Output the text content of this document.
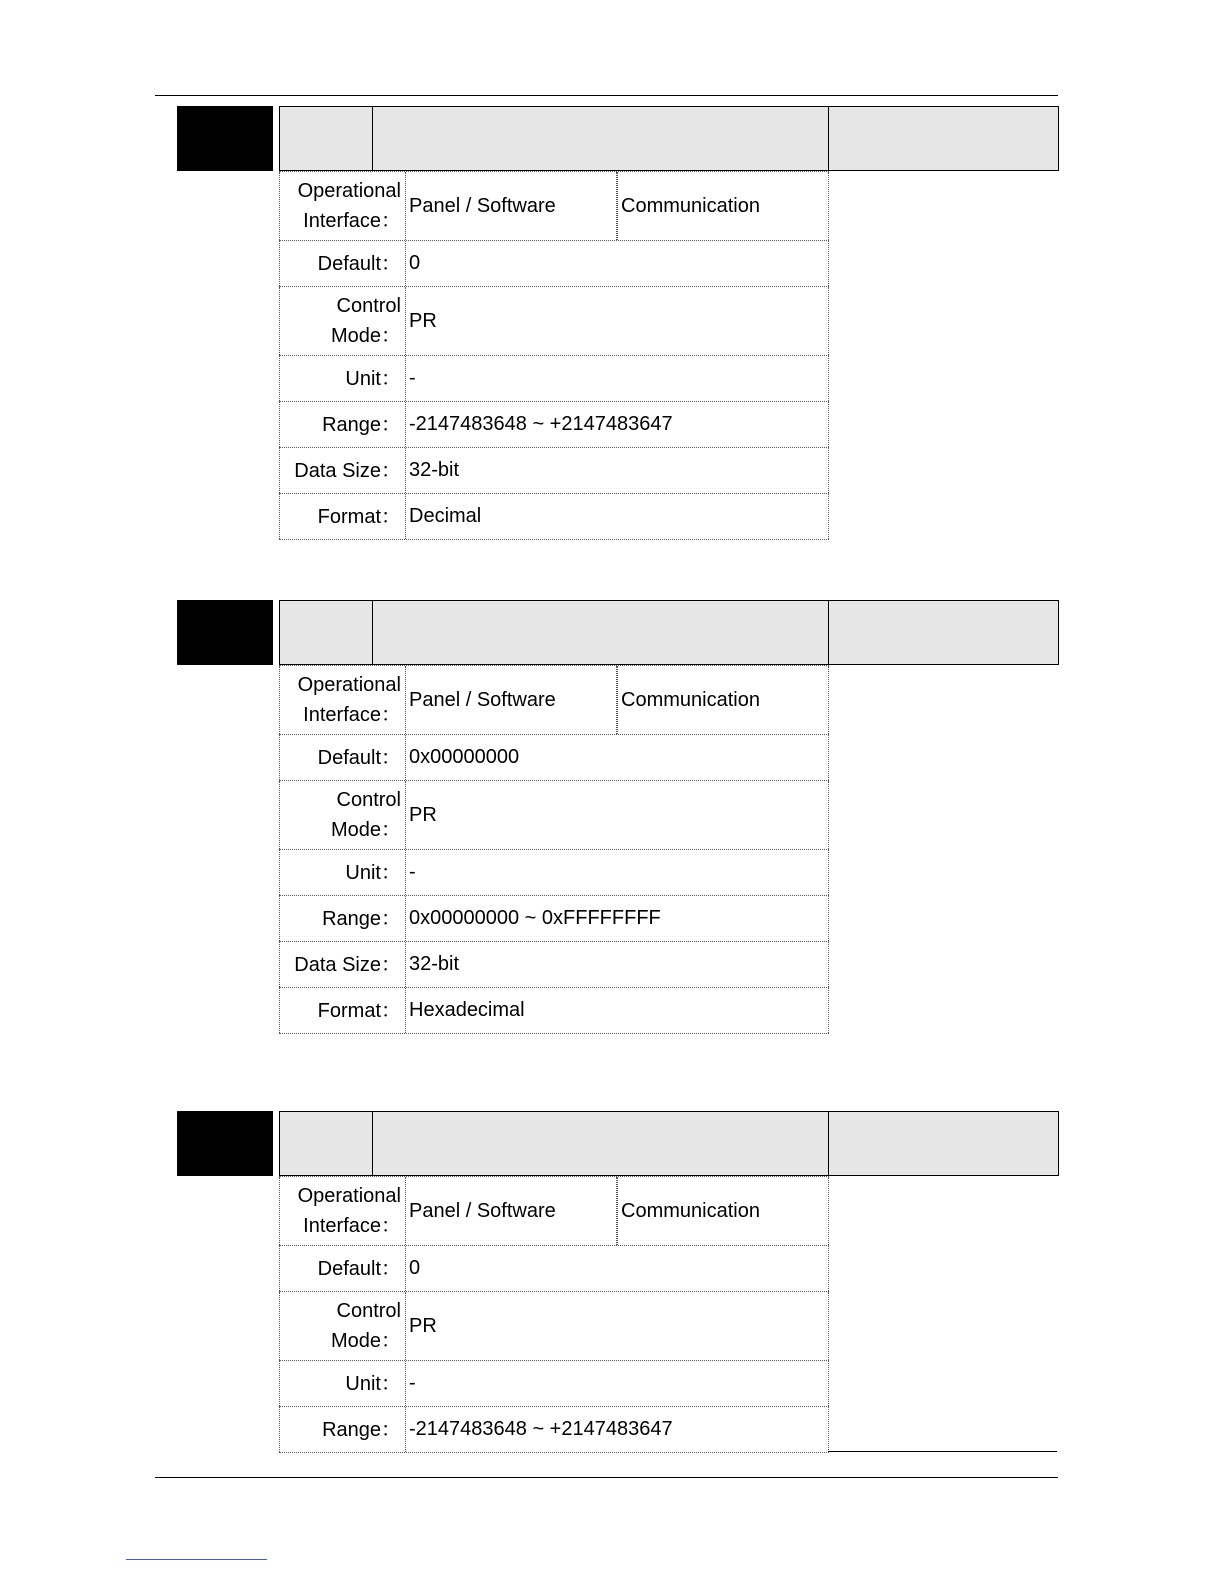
Operational
Interface：
Panel / Software	Communication
Default ： 0
Control
Mode：
PR
Unit ： -
Range ： -2147483648 ~ +2147483647
Data Size ： 32-bit
Format ： Decimal
Operational
Interface：
Panel / Software	Communication
Default ： 0x00000000
Control
Mode：
PR
Unit ： -
Range ： 0x00000000 ~ 0xFFFFFFFF
Data Size ： 32-bit
Format ： Hexadecimal
Operational
Interface：
Panel / Software	Communication
Default ： 0
Control
Mode：
PR
Unit ： -
Range ： -2147483648 ~ +2147483647
